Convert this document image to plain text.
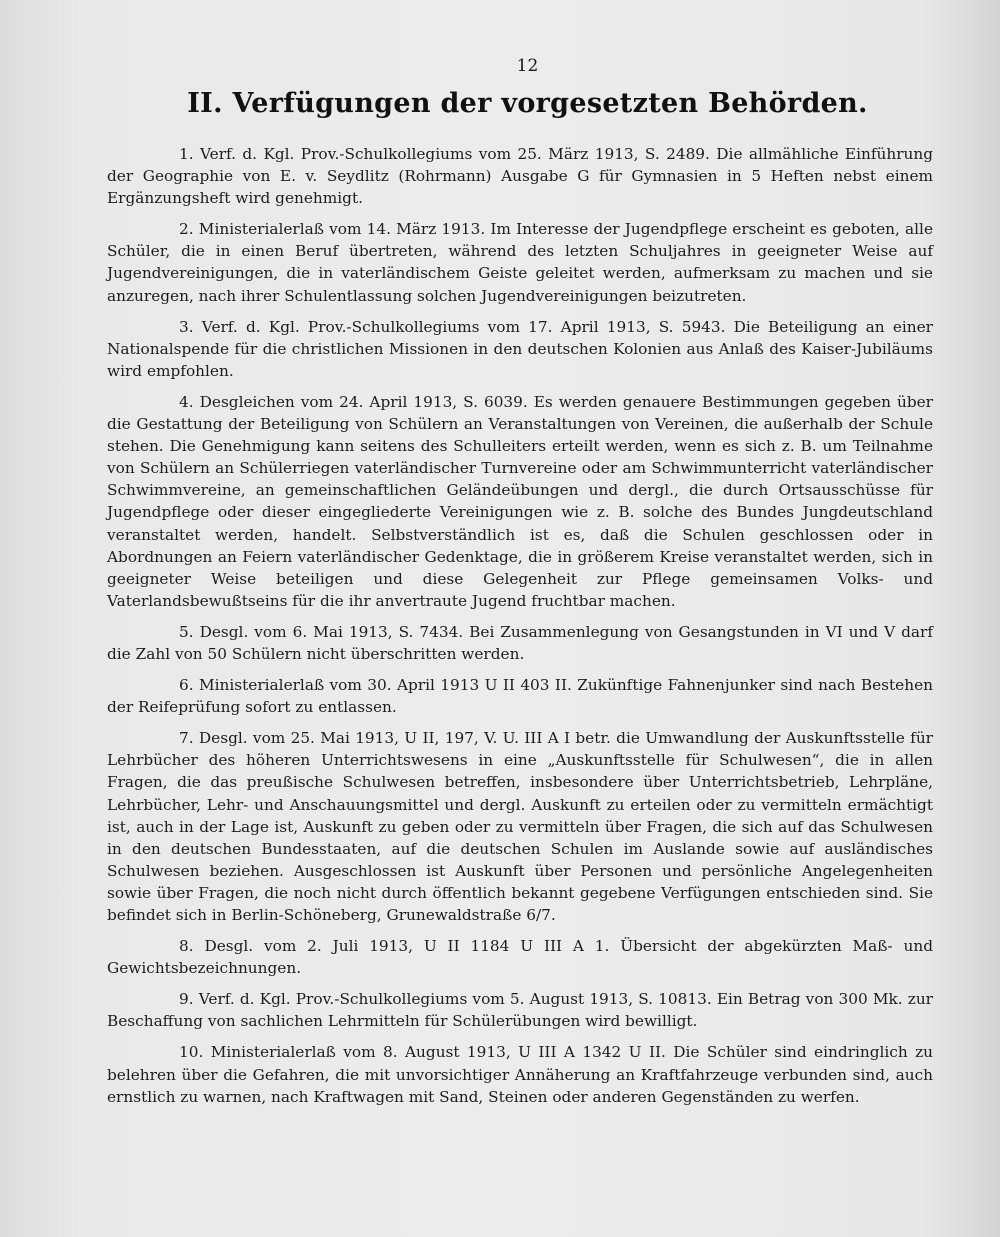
12
II. Verfügungen der vorgesetzten Behörden.

1. Verf. d. Kgl. Prov.-Schulkollegiums vom 25. März 1913, S. 2489. Die allmähliche Einführung der Geographie von E. v. Seydlitz (Rohrmann) Ausgabe G für Gymnasien in 5 Heften nebst einem Ergänzungsheft wird genehmigt.

2. Ministerialerlaß vom 14. März 1913. Im Interesse der Jugendpflege erscheint es geboten, alle Schüler, die in einen Beruf übertreten, während des letzten Schuljahres in geeigneter Weise auf Jugendvereinigungen, die in vaterländischem Geiste geleitet werden, aufmerksam zu machen und sie anzuregen, nach ihrer Schulentlassung solchen Jugendvereinigungen beizutreten.

3. Verf. d. Kgl. Prov.-Schulkollegiums vom 17. April 1913, S. 5943. Die Beteiligung an einer Nationalspende für die christlichen Missionen in den deutschen Kolonien aus Anlaß des Kaiser-Jubiläums wird empfohlen.

4. Desgleichen vom 24. April 1913, S. 6039. Es werden genauere Bestimmungen gegeben über die Gestattung der Beteiligung von Schülern an Veranstaltungen von Vereinen, die außerhalb der Schule stehen. Die Genehmigung kann seitens des Schulleiters erteilt werden, wenn es sich z. B. um Teilnahme von Schülern an Schülerriegen vaterländischer Turnvereine oder am Schwimmunterricht vaterländischer Schwimmvereine, an gemeinschaftlichen Geländeübungen und dergl., die durch Ortsausschüsse für Jugendpflege oder dieser eingegliederte Vereinigungen wie z. B. solche des Bundes Jungdeutschland veranstaltet werden, handelt. Selbstverständlich ist es, daß die Schulen geschlossen oder in Abordnungen an Feiern vaterländischer Gedenktage, die in größerem Kreise veranstaltet werden, sich in geeigneter Weise beteiligen und diese Gelegenheit zur Pflege gemeinsamen Volks- und Vaterlandsbewußtseins für die ihr anvertraute Jugend fruchtbar machen.

5. Desgl. vom 6. Mai 1913, S. 7434. Bei Zusammenlegung von Gesangstunden in VI und V darf die Zahl von 50 Schülern nicht überschritten werden.

6. Ministerialerlaß vom 30. April 1913 U II 403 II. Zukünftige Fahnenjunker sind nach Bestehen der Reifeprüfung sofort zu entlassen.

7. Desgl. vom 25. Mai 1913, U II, 197, V. U. III A I betr. die Umwandlung der Auskunftsstelle für Lehrbücher des höheren Unterrichtswesens in eine „Auskunftsstelle für Schulwesen“, die in allen Fragen, die das preußische Schulwesen betreffen, insbesondere über Unterrichtsbetrieb, Lehrpläne, Lehrbücher, Lehr- und Anschauungsmittel und dergl. Auskunft zu erteilen oder zu vermitteln ermächtigt ist, auch in der Lage ist, Auskunft zu geben oder zu vermitteln über Fragen, die sich auf das Schulwesen in den deutschen Bundesstaaten, auf die deutschen Schulen im Auslande sowie auf ausländisches Schulwesen beziehen. Ausgeschlossen ist Auskunft über Personen und persönliche Angelegenheiten sowie über Fragen, die noch nicht durch öffentlich bekannt gegebene Verfügungen entschieden sind. Sie befindet sich in Berlin-Schöneberg, Grunewaldstraße 6/7.

8. Desgl. vom 2. Juli 1913, U II 1184 U III A 1. Übersicht der abgekürzten Maß- und Gewichtsbezeichnungen.

9. Verf. d. Kgl. Prov.-Schulkollegiums vom 5. August 1913, S. 10813. Ein Betrag von 300 Mk. zur Beschaffung von sachlichen Lehrmitteln für Schülerübungen wird bewilligt.

10. Ministerialerlaß vom 8. August 1913, U III A 1342 U II. Die Schüler sind eindringlich zu belehren über die Gefahren, die mit unvorsichtiger Annäherung an Kraftfahrzeuge verbunden sind, auch ernstlich zu warnen, nach Kraftwagen mit Sand, Steinen oder anderen Gegenständen zu werfen.
